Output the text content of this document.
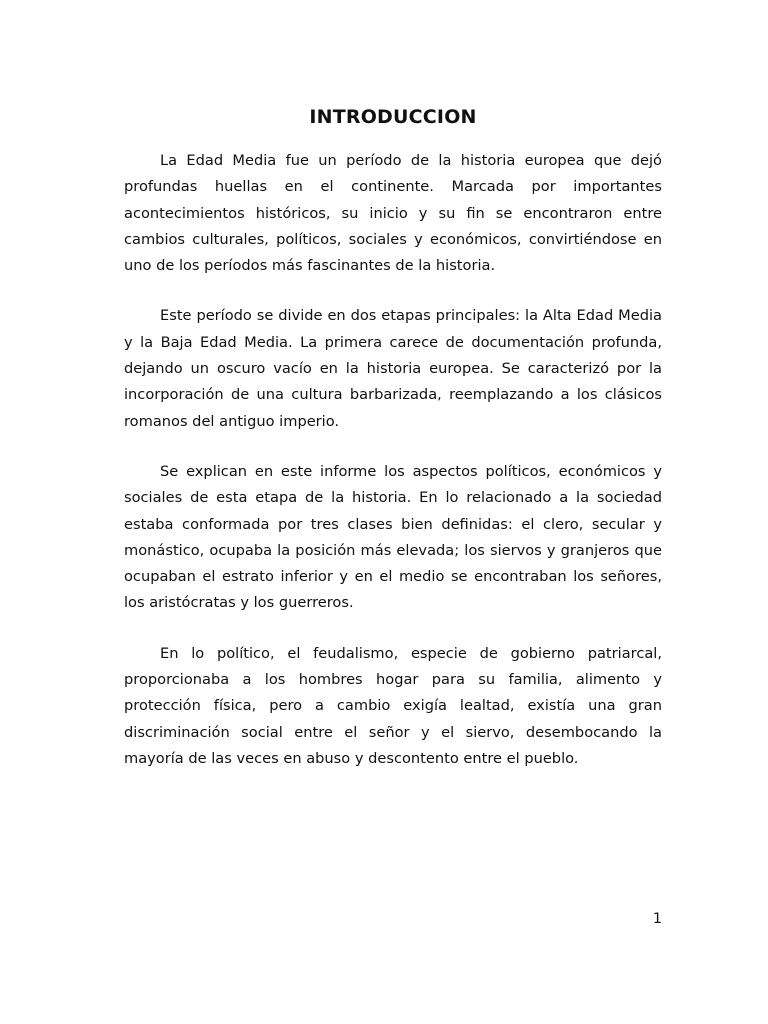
INTRODUCCION

La Edad Media fue un período de la historia europea que dejó profundas huellas en el continente. Marcada por importantes acontecimientos históricos, su inicio y su fin se encontraron entre cambios culturales, políticos, sociales y económicos, convirtiéndose en uno de los períodos más fascinantes de la historia.

Este período se divide en dos etapas principales: la Alta Edad Media y la Baja Edad Media. La primera carece de documentación profunda, dejando un oscuro vacío en la historia europea. Se caracterizó por la incorporación de una cultura barbarizada, reemplazando a los clásicos romanos del antiguo imperio.

Se explican en este informe los aspectos políticos, económicos y sociales de esta etapa de la historia. En lo relacionado a la sociedad estaba conformada por tres clases bien definidas: el clero, secular y monástico, ocupaba la posición más elevada; los siervos y granjeros que ocupaban el estrato inferior y en el medio se encontraban los señores, los aristócratas y los guerreros.

En lo político, el feudalismo, especie de gobierno patriarcal, proporcionaba a los hombres hogar para su familia, alimento y protección física, pero a cambio exigía lealtad, existía una gran discriminación social entre el señor y el siervo, desembocando la mayoría de las veces en abuso y descontento entre el pueblo.

1
